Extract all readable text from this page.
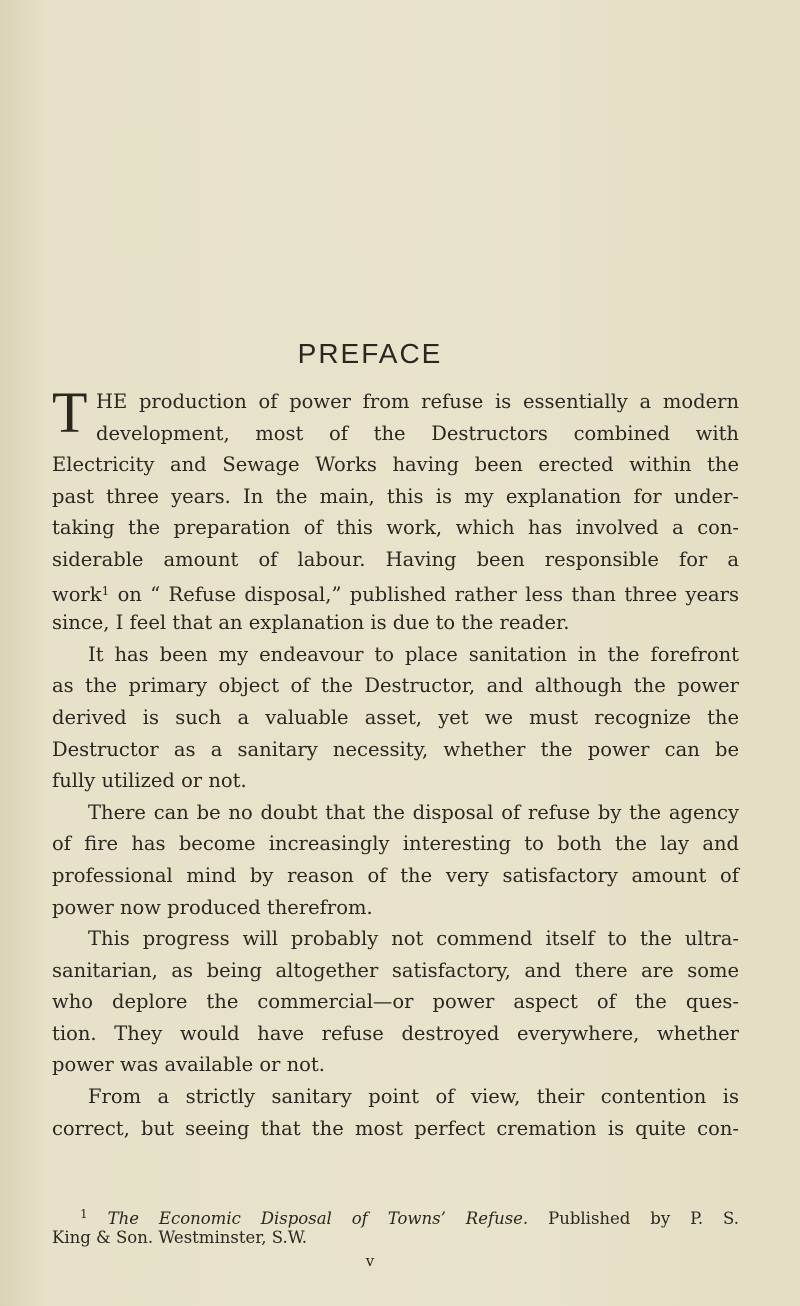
PREFACE
T HE production of power from refuse is essentially a modern
development, most of the Destructors combined with
Electricity and Sewage Works having been erected within the
past three years. In the main, this is my explanation for under-
taking the preparation of this work, which has involved a con-
siderable amount of labour. Having been responsible for a
work$^1$ on “ Refuse disposal,” published rather less than three years
since, I feel that an explanation is due to the reader.
It has been my endeavour to place sanitation in the forefront
as the primary object of the Destructor, and although the power
derived is such a valuable asset, yet we must recognize the
Destructor as a sanitary necessity, whether the power can be
fully utilized or not.
There can be no doubt that the disposal of refuse by the agency
of fire has become increasingly interesting to both the lay and
professional mind by reason of the very satisfactory amount of
power now produced therefrom.
This progress will probably not commend itself to the ultra-
sanitarian, as being altogether satisfactory, and there are some
who deplore the commercial—or power aspect of the ques-
tion. They would have refuse destroyed everywhere, whether
power was available or not.
From a strictly sanitary point of view, their contention is
correct, but seeing that the most perfect cremation is quite con-
$^1$ The Economic Disposal of Towns’ Refuse. Published by P. S.
King & Son. Westminster, S.W.
v
